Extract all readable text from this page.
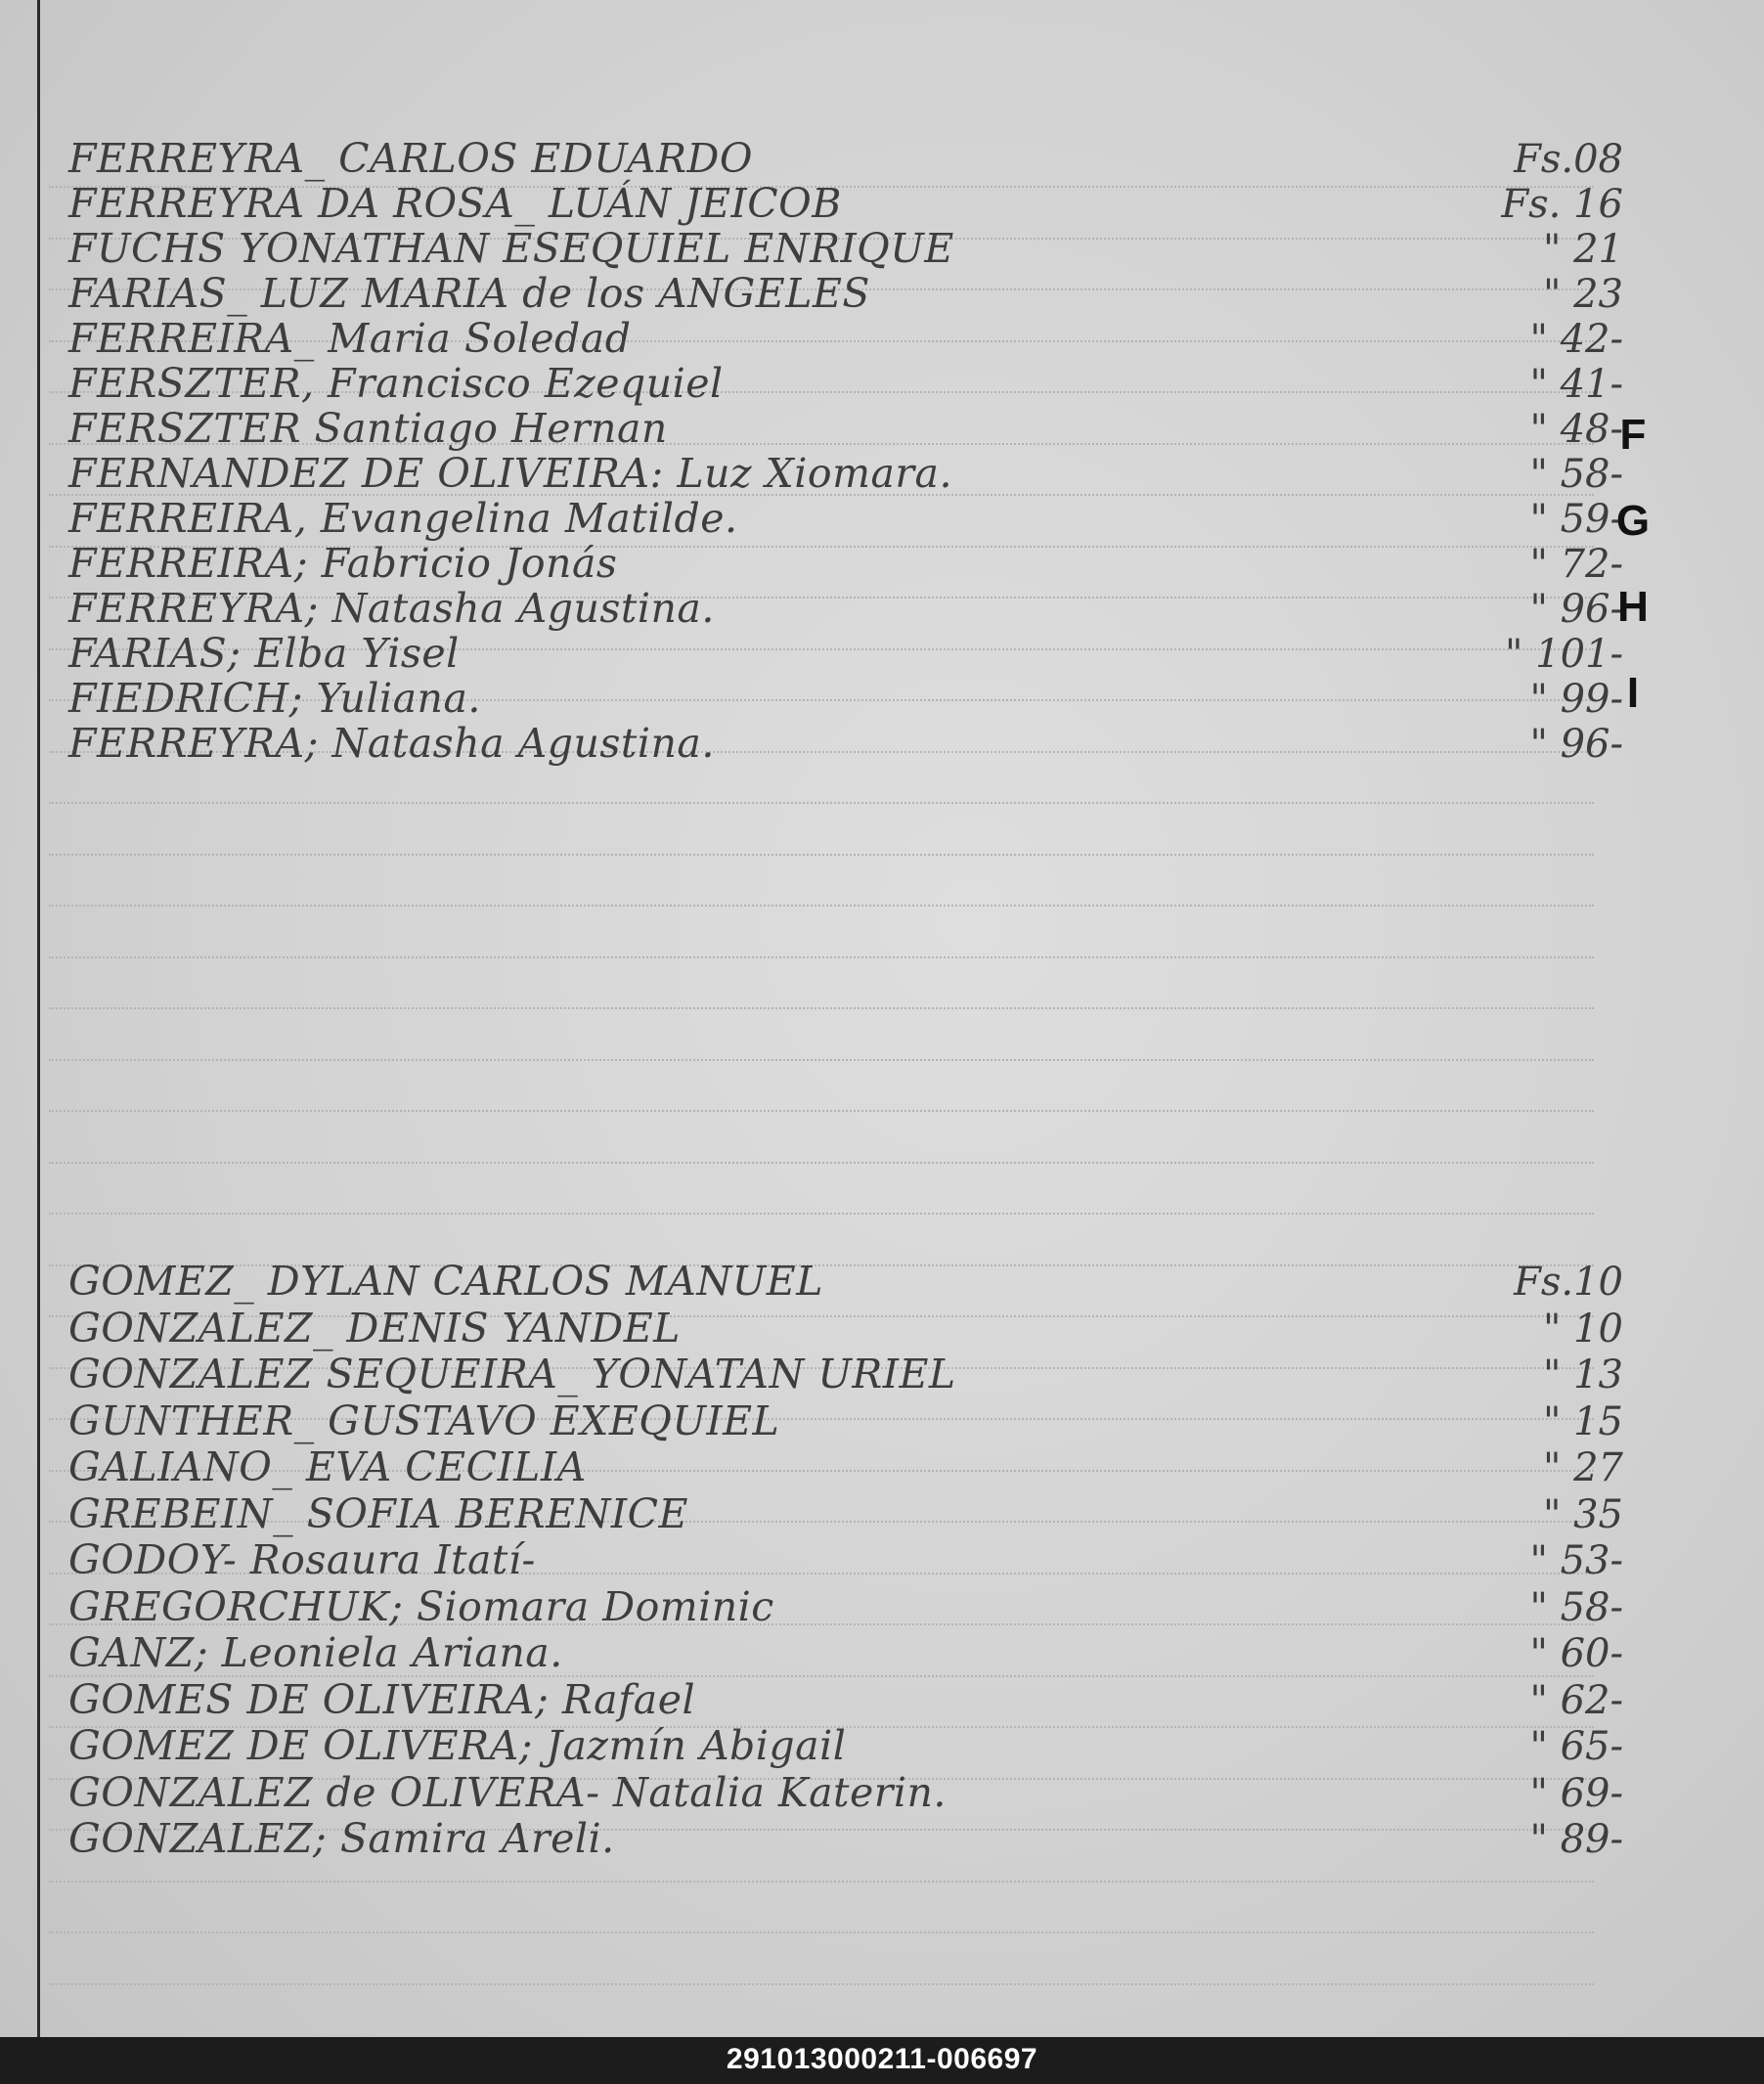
FERREYRA_ CARLOS EDUARDO	Fs.08
FERREYRA DA ROSA_ LUÁN JEICOB	Fs. 16
FUCHS YONATHAN ESEQUIEL ENRIQUE	" 21
FARIAS_ LUZ MARIA de los ANGELES	" 23
FERREIRA_ Maria Soledad	" 42-
FERSZTER, Francisco Ezequiel	" 41-
FERSZTER Santiago Hernan	" 48-
FERNANDEZ DE OLIVEIRA: Luz Xiomara.	" 58-
FERREIRA, Evangelina Matilde.	" 59-
FERREIRA; Fabricio Jonás	" 72-
FERREYRA; Natasha Agustina.	" 96-
FARIAS; Elba Yisel	" 101-
FIEDRICH; Yuliana.	" 99-
FERREYRA; Natasha Agustina.	" 96-
GOMEZ_ DYLAN CARLOS MANUEL	Fs.10
GONZALEZ_ DENIS YANDEL	" 10
GONZALEZ SEQUEIRA_ YONATAN URIEL	" 13
GUNTHER_ GUSTAVO EXEQUIEL	" 15
GALIANO_ EVA CECILIA	" 27
GREBEIN_ SOFIA BERENICE	" 35
GODOY- Rosaura Itatí-	" 53-
GREGORCHUK; Siomara Dominic	" 58-
GANZ; Leoniela Ariana.	" 60-
GOMES DE OLIVEIRA; Rafael	" 62-
GOMEZ DE OLIVERA; Jazmín Abigail	" 65-
GONZALEZ de OLIVERA- Natalia Katerin.	" 69-
GONZALEZ; Samira Areli.	" 89-
F
G
H
I
291013000211-006697
